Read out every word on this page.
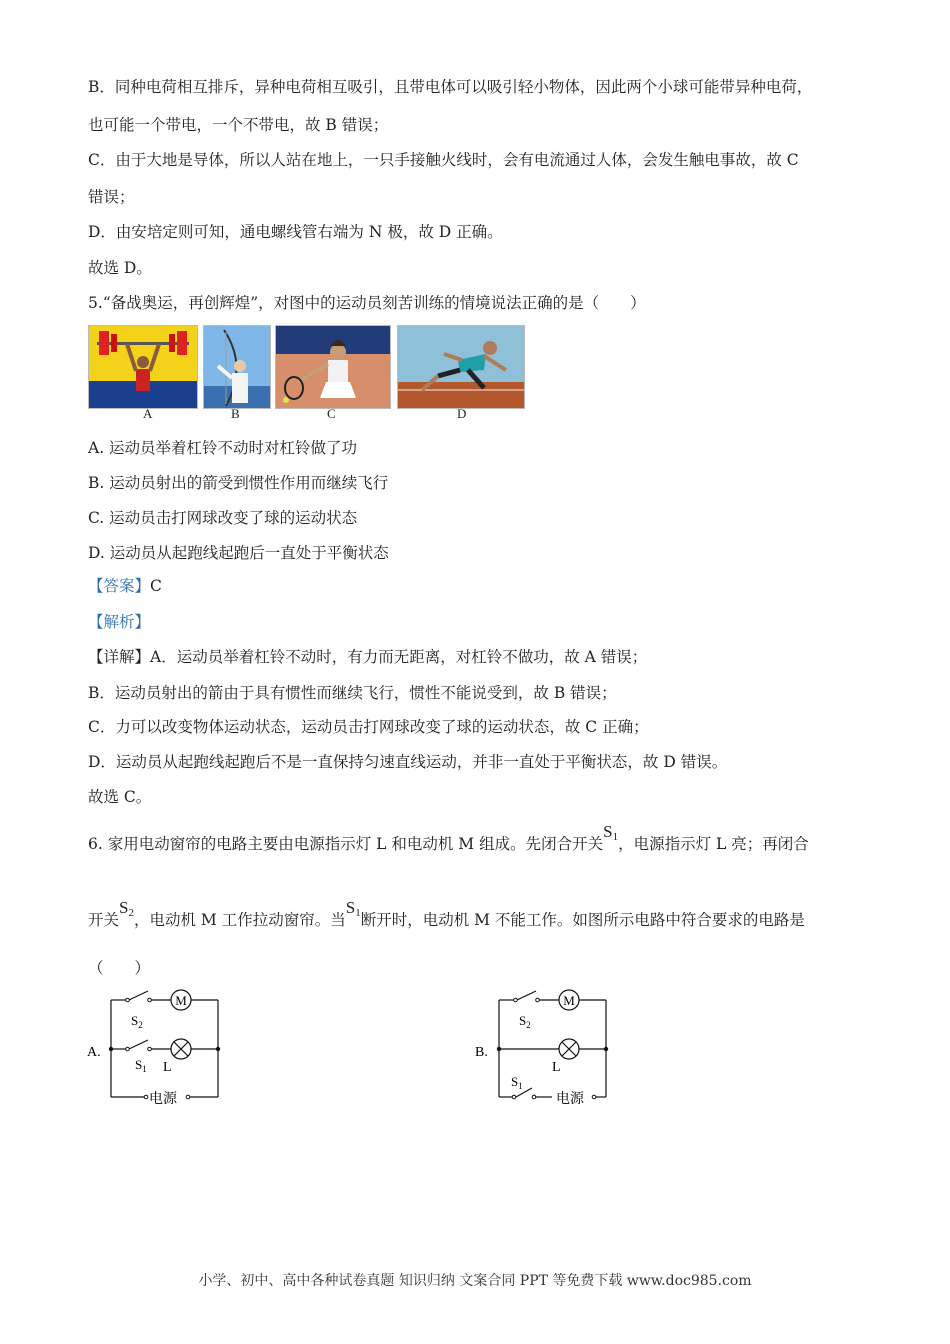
B．同种电荷相互排斥，异种电荷相互吸引，且带电体可以吸引轻小物体，因此两个小球可能带异种电荷，
也可能一个带电，一个不带电，故 B 错误；
C．由于大地是导体，所以人站在地上，一只手接触火线时，会有电流通过人体，会发生触电事故，故 C
错误；
D．由安培定则可知，通电螺线管右端为 N 极，故 D 正确。
故选 D。
5.“备战奥运，再创辉煌”，对图中的运动员刻苦训练的情境说法正确的是（　　）
A	B	C	D
A. 运动员举着杠铃不动时对杠铃做了功
B. 运动员射出的箭受到惯性作用而继续飞行
C. 运动员击打网球改变了球的运动状态
D. 运动员从起跑线起跑后一直处于平衡状态
【答案】C
【解析】
【详解】A．运动员举着杠铃不动时，有力而无距离，对杠铃不做功，故 A 错误；
B．运动员射出的箭由于具有惯性而继续飞行，惯性不能说受到，故 B 错误；
C．力可以改变物体运动状态，运动员击打网球改变了球的运动状态，故 C 正确；
D．运动员从起跑线起跑后不是一直保持匀速直线运动，并非一直处于平衡状态，故 D 错误。
故选 C。
6. 家用电动窗帘的电路主要由电源指示灯 L 和电动机 M 组成。先闭合开关$S_1$，电源指示灯 L 亮；再闭合
开关$S_2$，电动机 M 工作拉动窗帘。当$S_1$断开时，电动机 M 不能工作。如图所示电路中符合要求的电路是
（　　）
A.
M
$S_2$
$S_1$ L
电源
B.
M
$S_2$
L
$S_1$
电源
小学、初中、高中各种试卷真题 知识归纳 文案合同 PPT 等免费下载 www.doc985.com
